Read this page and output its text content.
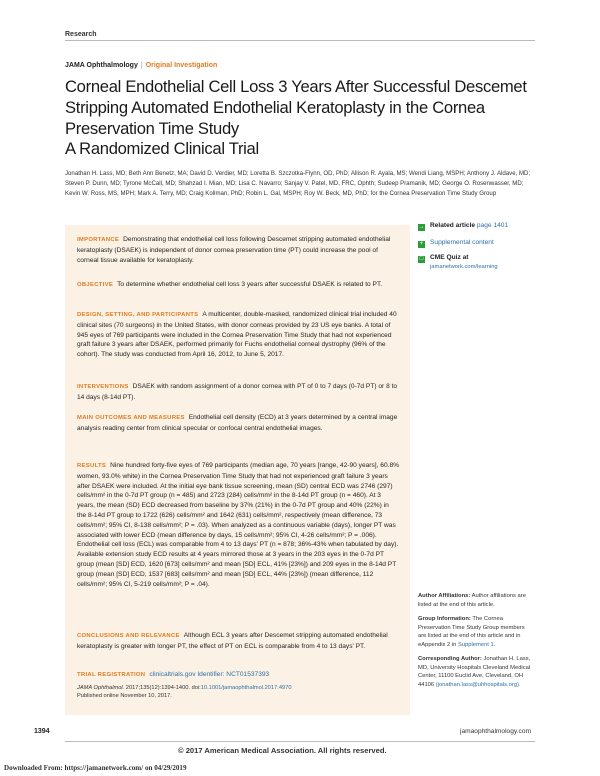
Research
JAMA Ophthalmology | Original Investigation
Corneal Endothelial Cell Loss 3 Years After Successful Descemet Stripping Automated Endothelial Keratoplasty in the Cornea Preservation Time Study
A Randomized Clinical Trial
Jonathan H. Lass, MD; Beth Ann Benetz, MA; David D. Verdier, MD; Loretta B. Szczotka-Flynn, OD, PhD; Allison R. Ayala, MS; Wendi Liang, MSPH; Anthony J. Aldave, MD; Steven P. Dunn, MD; Tyrone McCall, MD; Shahzad I. Mian, MD; Lisa C. Navarro; Sanjay V. Patel, MD, FRC, Ophth; Sudeep Pramanik, MD; George O. Rosenwasser, MD; Kevin W. Ross, MS, MPH; Mark A. Terry, MD; Craig Kollman, PhD; Robin L. Gal, MSPH; Roy W. Beck, MD, PhD; for the Cornea Preservation Time Study Group
IMPORTANCE Demonstrating that endothelial cell loss following Descemet stripping automated endothelial keratoplasty (DSAEK) is independent of donor cornea preservation time (PT) could increase the pool of corneal tissue available for keratoplasty.
OBJECTIVE To determine whether endothelial cell loss 3 years after successful DSAEK is related to PT.
DESIGN, SETTING, AND PARTICIPANTS A multicenter, double-masked, randomized clinical trial included 40 clinical sites (70 surgeons) in the United States, with donor corneas provided by 23 US eye banks. A total of 945 eyes of 769 participants were included in the Cornea Preservation Time Study that had not experienced graft failure 3 years after DSAEK, performed primarily for Fuchs endothelial corneal dystrophy (96% of the cohort). The study was conducted from April 16, 2012, to June 5, 2017.
INTERVENTIONS DSAEK with random assignment of a donor cornea with PT of 0 to 7 days (0-7d PT) or 8 to 14 days (8-14d PT).
MAIN OUTCOMES AND MEASURES Endothelial cell density (ECD) at 3 years determined by a central image analysis reading center from clinical specular or confocal central endothelial images.
RESULTS Nine hundred forty-five eyes of 769 participants (median age, 70 years [range, 42-90 years], 60.8% women, 93.0% white) in the Cornea Preservation Time Study that had not experienced graft failure 3 years after DSAEK were included. At the initial eye bank tissue screening, mean (SD) central ECD was 2746 (297) cells/mm² in the 0-7d PT group (n = 485) and 2723 (284) cells/mm² in the 8-14d PT group (n = 460). At 3 years, the mean (SD) ECD decreased from baseline by 37% (21%) in the 0-7d PT group and 40% (22%) in the 8-14d PT group to 1722 (626) cells/mm² and 1642 (631) cells/mm², respectively (mean difference, 73 cells/mm²; 95% CI, 8-138 cells/mm²; P = .03). When analyzed as a continuous variable (days), longer PT was associated with lower ECD (mean difference by days, 15 cells/mm²; 95% CI, 4-26 cells/mm²; P = .006). Endothelial cell loss (ECL) was comparable from 4 to 13 days' PT (n = 878; 36%-43% when tabulated by day). Available extension study ECD results at 4 years mirrored those at 3 years in the 203 eyes in the 0-7d PT group (mean [SD] ECD, 1620 [673] cells/mm² and mean [SD] ECL, 41% [23%]) and 209 eyes in the 8-14d PT group (mean [SD] ECD, 1537 [683] cells/mm² and mean [SD] ECL, 44% [23%]) (mean difference, 112 cells/mm²; 95% CI, 5-219 cells/mm²; P = .04).
CONCLUSIONS AND RELEVANCE Although ECL 3 years after Descemet stripping automated endothelial keratoplasty is greater with longer PT, the effect of PT on ECL is comparable from 4 to 13 days' PT.
TRIAL REGISTRATION clinicaltrials.gov Identifier: NCT01537393
JAMA Ophthalmol. 2017;135(12):1394-1400. doi:10.1001/jamaophthalmol.2017.4970
Published online November 10, 2017.
→ Related article page 1401
+ Supplemental content
□ CME Quiz at
jamanetwork.com/learning

Author Affiliations: Author affiliations are listed at the end of this article.

Group Information: The Cornea Preservation Time Study Group members are listed at the end of this article and in eAppendix 2 in Supplement 1.

Corresponding Author: Jonathan H. Lass, MD, University Hospitals Cleveland Medical Center, 11100 Euclid Ave, Cleveland, OH 44106 (jonathan.lass@uhhospitals.org).

1394	jamaophthalmology.com
© 2017 American Medical Association. All rights reserved.
Downloaded From: https://jamanetwork.com/ on 04/29/2019
